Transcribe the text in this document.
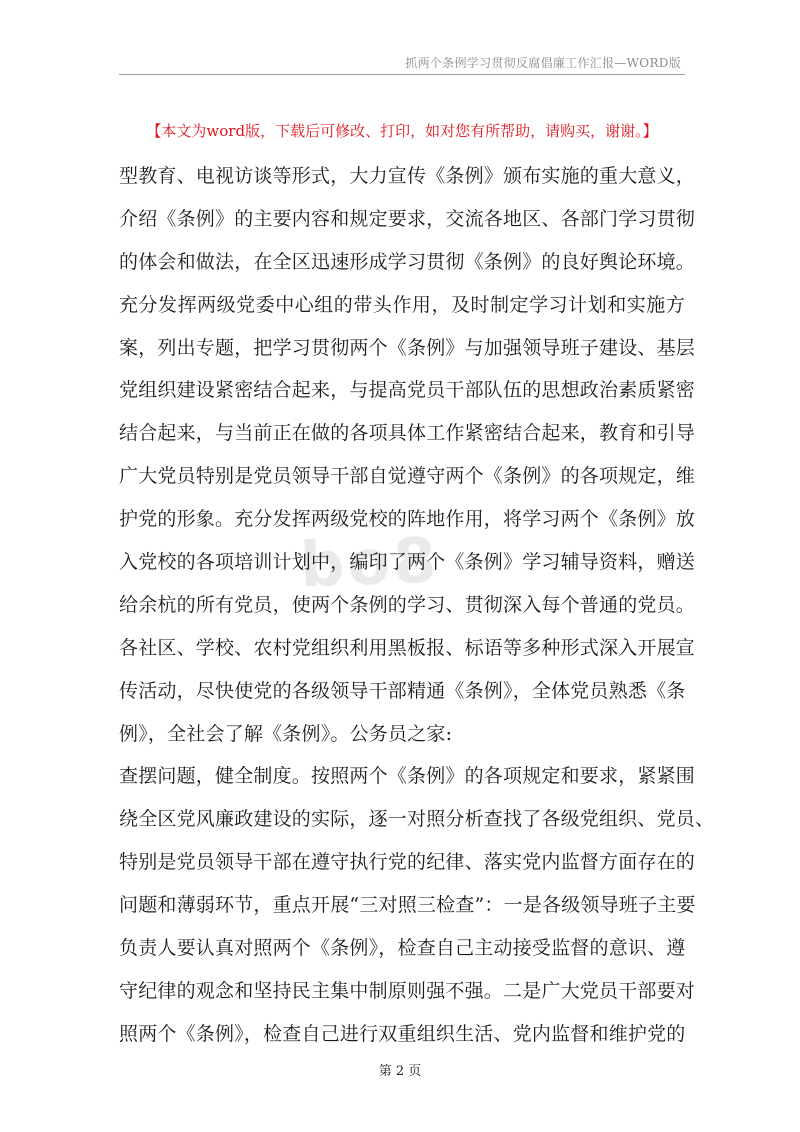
抓两个条例学习贯彻反腐倡廉工作汇报—WORD版
【本文为word版，下载后可修改、打印，如对您有所帮助，请购买，谢谢。】
bo8
型教育、电视访谈等形式，大力宣传《条例》颁布实施的重大意义，
介绍《条例》的主要内容和规定要求，交流各地区、各部门学习贯彻
的体会和做法，在全区迅速形成学习贯彻《条例》的良好舆论环境。
充分发挥两级党委中心组的带头作用，及时制定学习计划和实施方
案，列出专题，把学习贯彻两个《条例》与加强领导班子建设、基层
党组织建设紧密结合起来，与提高党员干部队伍的思想政治素质紧密
结合起来，与当前正在做的各项具体工作紧密结合起来，教育和引导
广大党员特别是党员领导干部自觉遵守两个《条例》的各项规定，维
护党的形象。充分发挥两级党校的阵地作用，将学习两个《条例》放
入党校的各项培训计划中，编印了两个《条例》学习辅导资料，赠送
给余杭的所有党员，使两个条例的学习、贯彻深入每个普通的党员。
各社区、学校、农村党组织利用黑板报、标语等多种形式深入开展宣
传活动，尽快使党的各级领导干部精通《条例》，全体党员熟悉《条
例》，全社会了解《条例》。公务员之家:
查摆问题，健全制度。按照两个《条例》的各项规定和要求，紧紧围
绕全区党风廉政建设的实际，逐一对照分析查找了各级党组织、党员、
特别是党员领导干部在遵守执行党的纪律、落实党内监督方面存在的
问题和薄弱环节，重点开展“三对照三检查”：一是各级领导班子主要
负责人要认真对照两个《条例》，检查自己主动接受监督的意识、遵
守纪律的观念和坚持民主集中制原则强不强。二是广大党员干部要对
照两个《条例》，检查自己进行双重组织生活、党内监督和维护党的
第 2 页
